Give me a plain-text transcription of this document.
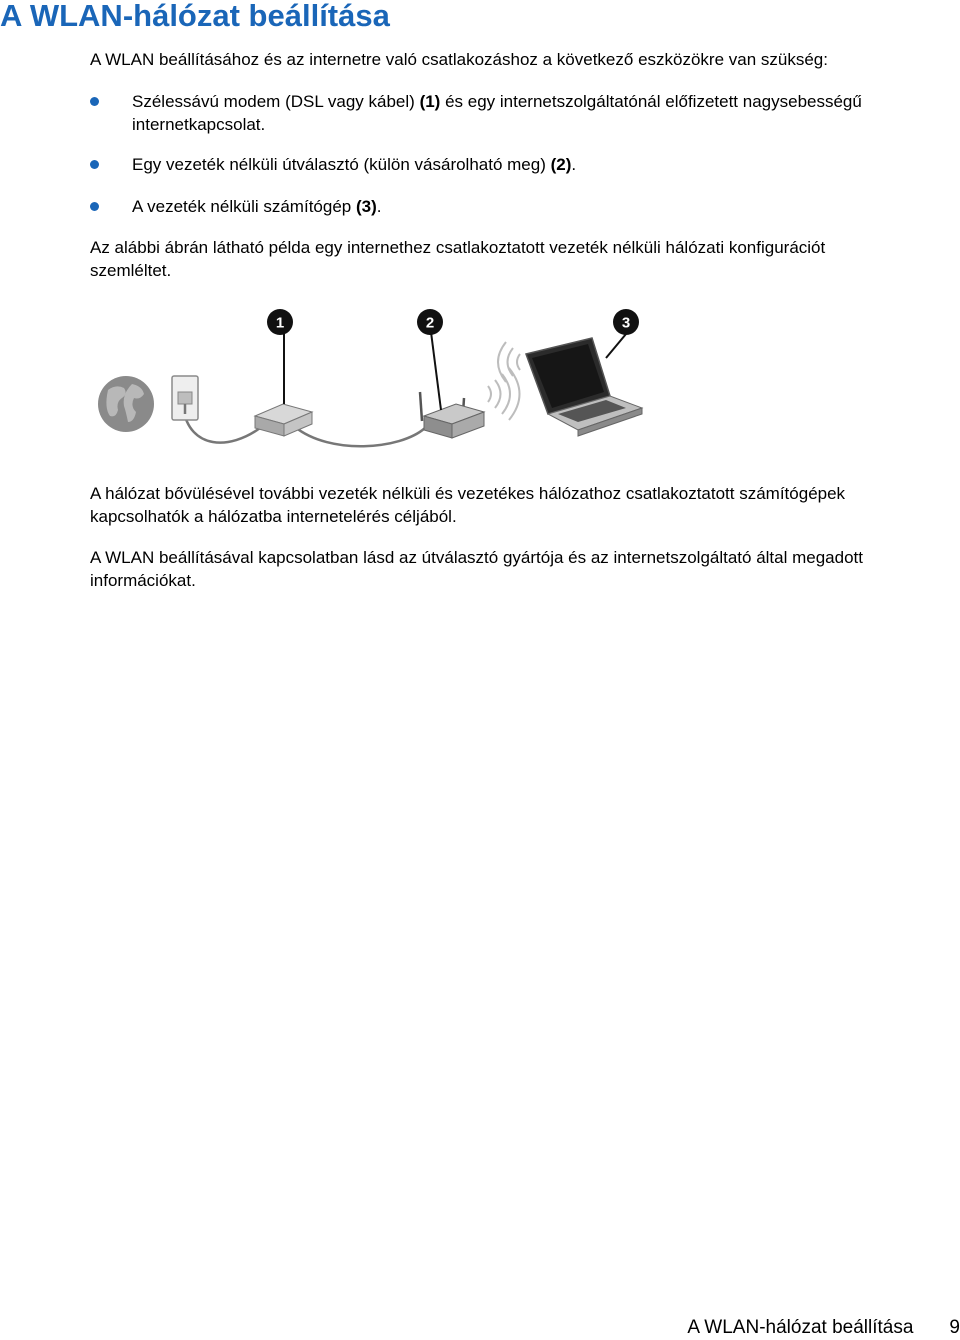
A WLAN-hálózat beállítása
A WLAN beállításához és az internetre való csatlakozáshoz a következő eszközökre van szükség:
Szélessávú modem (DSL vagy kábel) (1) és egy internetszolgáltatónál előfizetett nagysebességű
internetkapcsolat.
Egy vezeték nélküli útválasztó (külön vásárolható meg) (2).
A vezeték nélküli számítógép (3).
Az alábbi ábrán látható példa egy internethez csatlakoztatott vezeték nélküli hálózati konfigurációt
szemléltet.
1	2	3
A hálózat bővülésével további vezeték nélküli és vezetékes hálózathoz csatlakoztatott számítógépek
kapcsolhatók a hálózatba internetelérés céljából.
A WLAN beállításával kapcsolatban lásd az útválasztó gyártója és az internetszolgáltató által megadott
információkat.
A WLAN-hálózat beállítása 9
